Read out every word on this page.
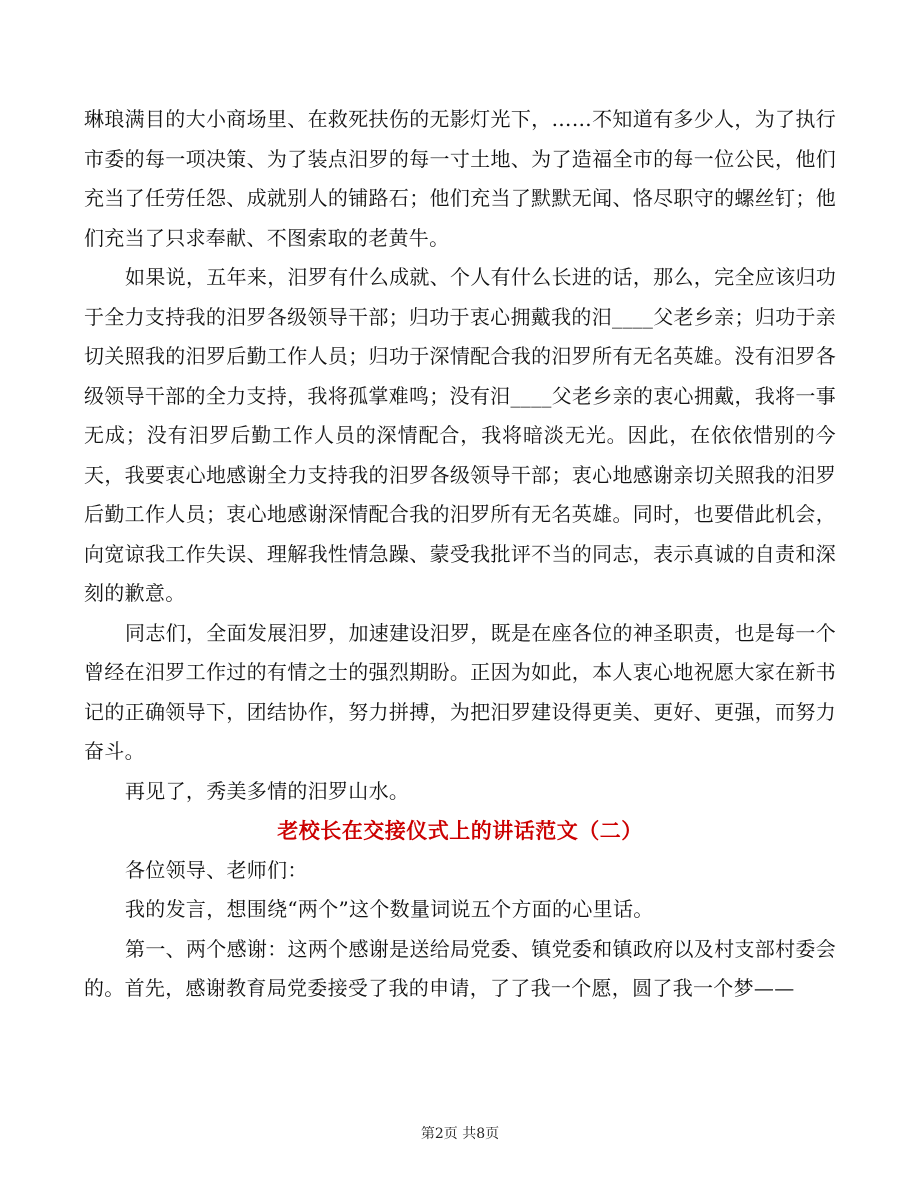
琳琅满目的大小商场里、在救死扶伤的无影灯光下，……不知道有多少人，为了执行市委的每一项决策、为了装点汨罗的每一寸土地、为了造福全市的每一位公民，他们充当了任劳任怨、成就别人的铺路石；他们充当了默默无闻、恪尽职守的螺丝钉；他们充当了只求奉献、不图索取的老黄牛。

如果说，五年来，汨罗有什么成就、个人有什么长进的话，那么，完全应该归功于全力支持我的汨罗各级领导干部；归功于衷心拥戴我的汨____父老乡亲；归功于亲切关照我的汨罗后勤工作人员；归功于深情配合我的汨罗所有无名英雄。没有汨罗各级领导干部的全力支持，我将孤掌难鸣；没有汨____父老乡亲的衷心拥戴，我将一事无成；没有汨罗后勤工作人员的深情配合，我将暗淡无光。因此，在依依惜别的今天，我要衷心地感谢全力支持我的汨罗各级领导干部；衷心地感谢亲切关照我的汨罗后勤工作人员；衷心地感谢深情配合我的汨罗所有无名英雄。同时，也要借此机会，向宽谅我工作失误、理解我性情急躁、蒙受我批评不当的同志，表示真诚的自责和深刻的歉意。

同志们，全面发展汨罗，加速建设汨罗，既是在座各位的神圣职责，也是每一个曾经在汨罗工作过的有情之士的强烈期盼。正因为如此，本人衷心地祝愿大家在新书记的正确领导下，团结协作，努力拼搏，为把汨罗建设得更美、更好、更强，而努力奋斗。

再见了，秀美多情的汨罗山水。

老校长在交接仪式上的讲话范文（二）

各位领导、老师们：

我的发言，想围绕“两个”这个数量词说五个方面的心里话。

第一、两个感谢：这两个感谢是送给局党委、镇党委和镇政府以及村支部村委会的。首先，感谢教育局党委接受了我的申请，了了我一个愿，圆了我一个梦——

第2页 共8页
